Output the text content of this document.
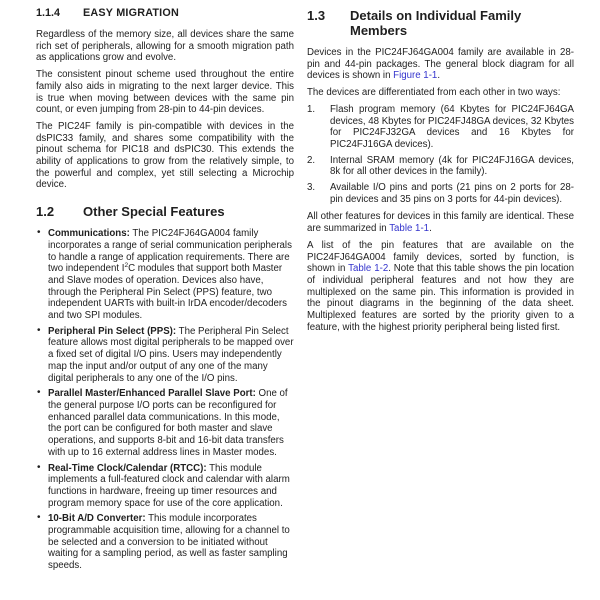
1.1.4	EASY MIGRATION

Regardless of the memory size, all devices share the same rich set of peripherals, allowing for a smooth migration path as applications grow and evolve.

The consistent pinout scheme used throughout the entire family also aids in migrating to the next larger device. This is true when moving between devices with the same pin count, or even jumping from 28-pin to 44-pin devices.

The PIC24F family is pin-compatible with devices in the dsPIC33 family, and shares some compatibility with the pinout schema for PIC18 and dsPIC30. This extends the ability of applications to grow from the relatively simple, to the powerful and complex, yet still selecting a Microchip device.

1.2	Other Special Features
• Communications: The PIC24FJ64GA004 family incorporates a range of serial communication peripherals to handle a range of application requirements. There are two independent $I^2C$ modules that support both Master and Slave modes of operation. Devices also have, through the Peripheral Pin Select (PPS) feature, two independent UARTs with built-in IrDA encoder/decoders and two SPI modules.
• Peripheral Pin Select (PPS): The Peripheral Pin Select feature allows most digital peripherals to be mapped over a fixed set of digital I/O pins. Users may independently map the input and/or output of any one of the many digital peripherals to any one of the I/O pins.
• Parallel Master/Enhanced Parallel Slave Port: One of the general purpose I/O ports can be reconfigured for enhanced parallel data communications. In this mode, the port can be configured for both master and slave operations, and supports 8-bit and 16-bit data transfers with up to 16 external address lines in Master modes.
• Real-Time Clock/Calendar (RTCC): This module implements a full-featured clock and calendar with alarm functions in hardware, freeing up timer resources and program memory space for use of the core application.
• 10-Bit A/D Converter: This module incorporates programmable acquisition time, allowing for a channel to be selected and a conversion to be initiated without waiting for a sampling period, as well as faster sampling speeds.
1.3	Details on Individual Family Members

Devices in the PIC24FJ64GA004 family are available in 28-pin and 44-pin packages. The general block diagram for all devices is shown in Figure 1-1.

The devices are differentiated from each other in two ways:

1.	Flash program memory (64 Kbytes for PIC24FJ64GA devices, 48 Kbytes for PIC24FJ48GA devices, 32 Kbytes for PIC24FJ32GA devices and 16 Kbytes for PIC24FJ16GA devices).
2.	Internal SRAM memory (4k for PIC24FJ16GA devices, 8k for all other devices in the family).
3.	Available I/O pins and ports (21 pins on 2 ports for 28-pin devices and 35 pins on 3 ports for 44-pin devices).

All other features for devices in this family are identical. These are summarized in Table 1-1.

A list of the pin features that are available on the PIC24FJ64GA004 family devices, sorted by function, is shown in Table 1-2. Note that this table shows the pin location of individual peripheral features and not how they are multiplexed on the same pin. This information is provided in the pinout diagrams in the beginning of the data sheet. Multiplexed features are sorted by the priority given to a feature, with the highest priority peripheral being listed first.
